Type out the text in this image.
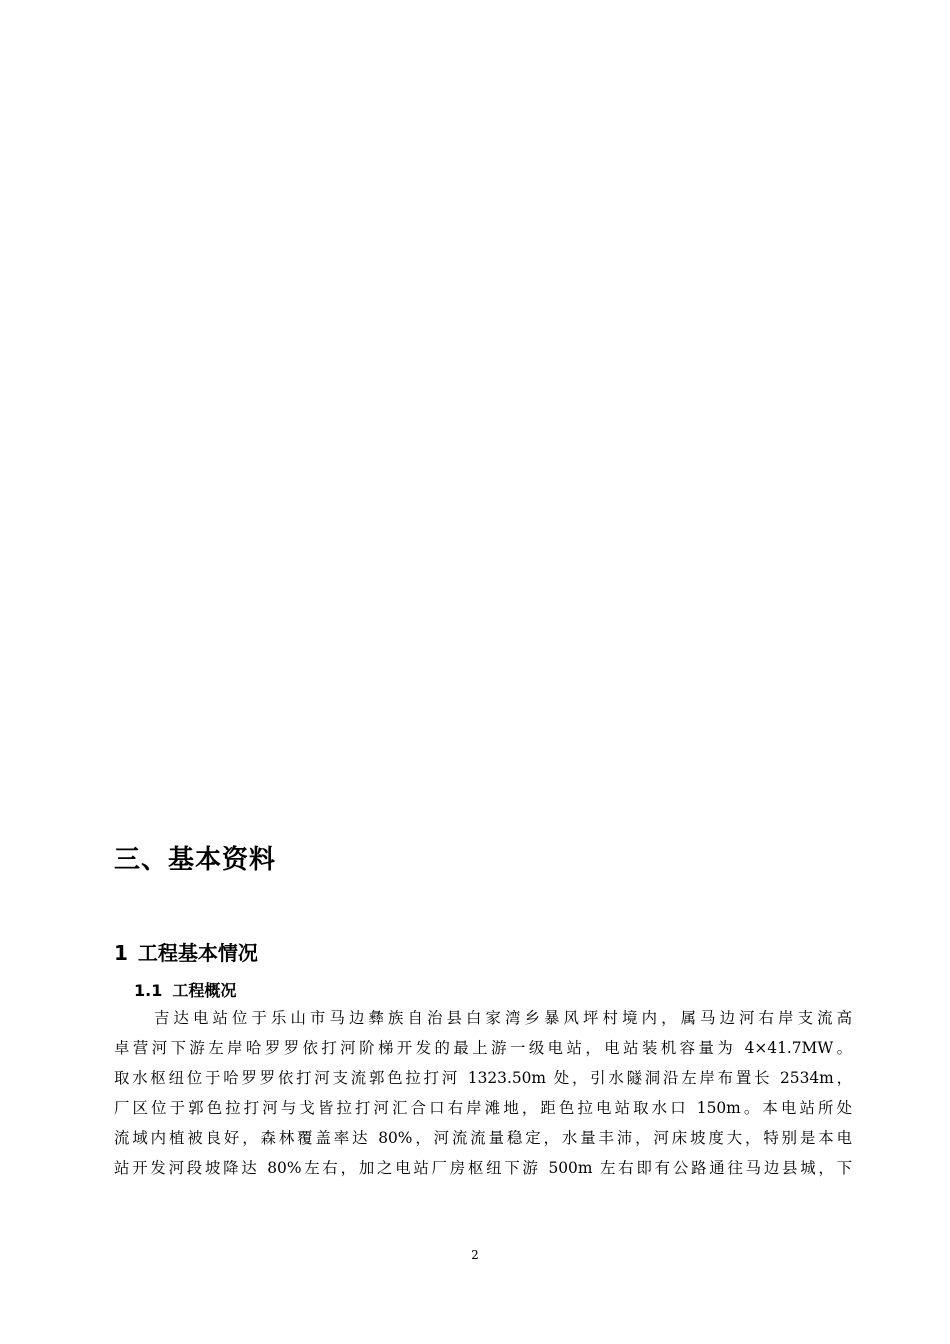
三、基本资料
1 工程基本情况
1.1 工程概况
吉达电站位于乐山市马边彝族自治县白家湾乡暴风坪村境内，属马边河右岸支流高
卓营河下游左岸哈罗罗依打河阶梯开发的最上游一级电站，电站装机容量为 4×41.7MW。
取水枢纽位于哈罗罗依打河支流郭色拉打河 1323.50m 处，引水隧洞沿左岸布置长 2534m，
厂区位于郭色拉打河与戈皆拉打河汇合口右岸滩地，距色拉电站取水口 150m。本电站所处
流域内植被良好，森林覆盖率达 80%，河流流量稳定，水量丰沛，河床坡度大，特别是本电
站开发河段坡降达 80%左右，加之电站厂房枢纽下游 500m 左右即有公路通往马边县城，下
2
